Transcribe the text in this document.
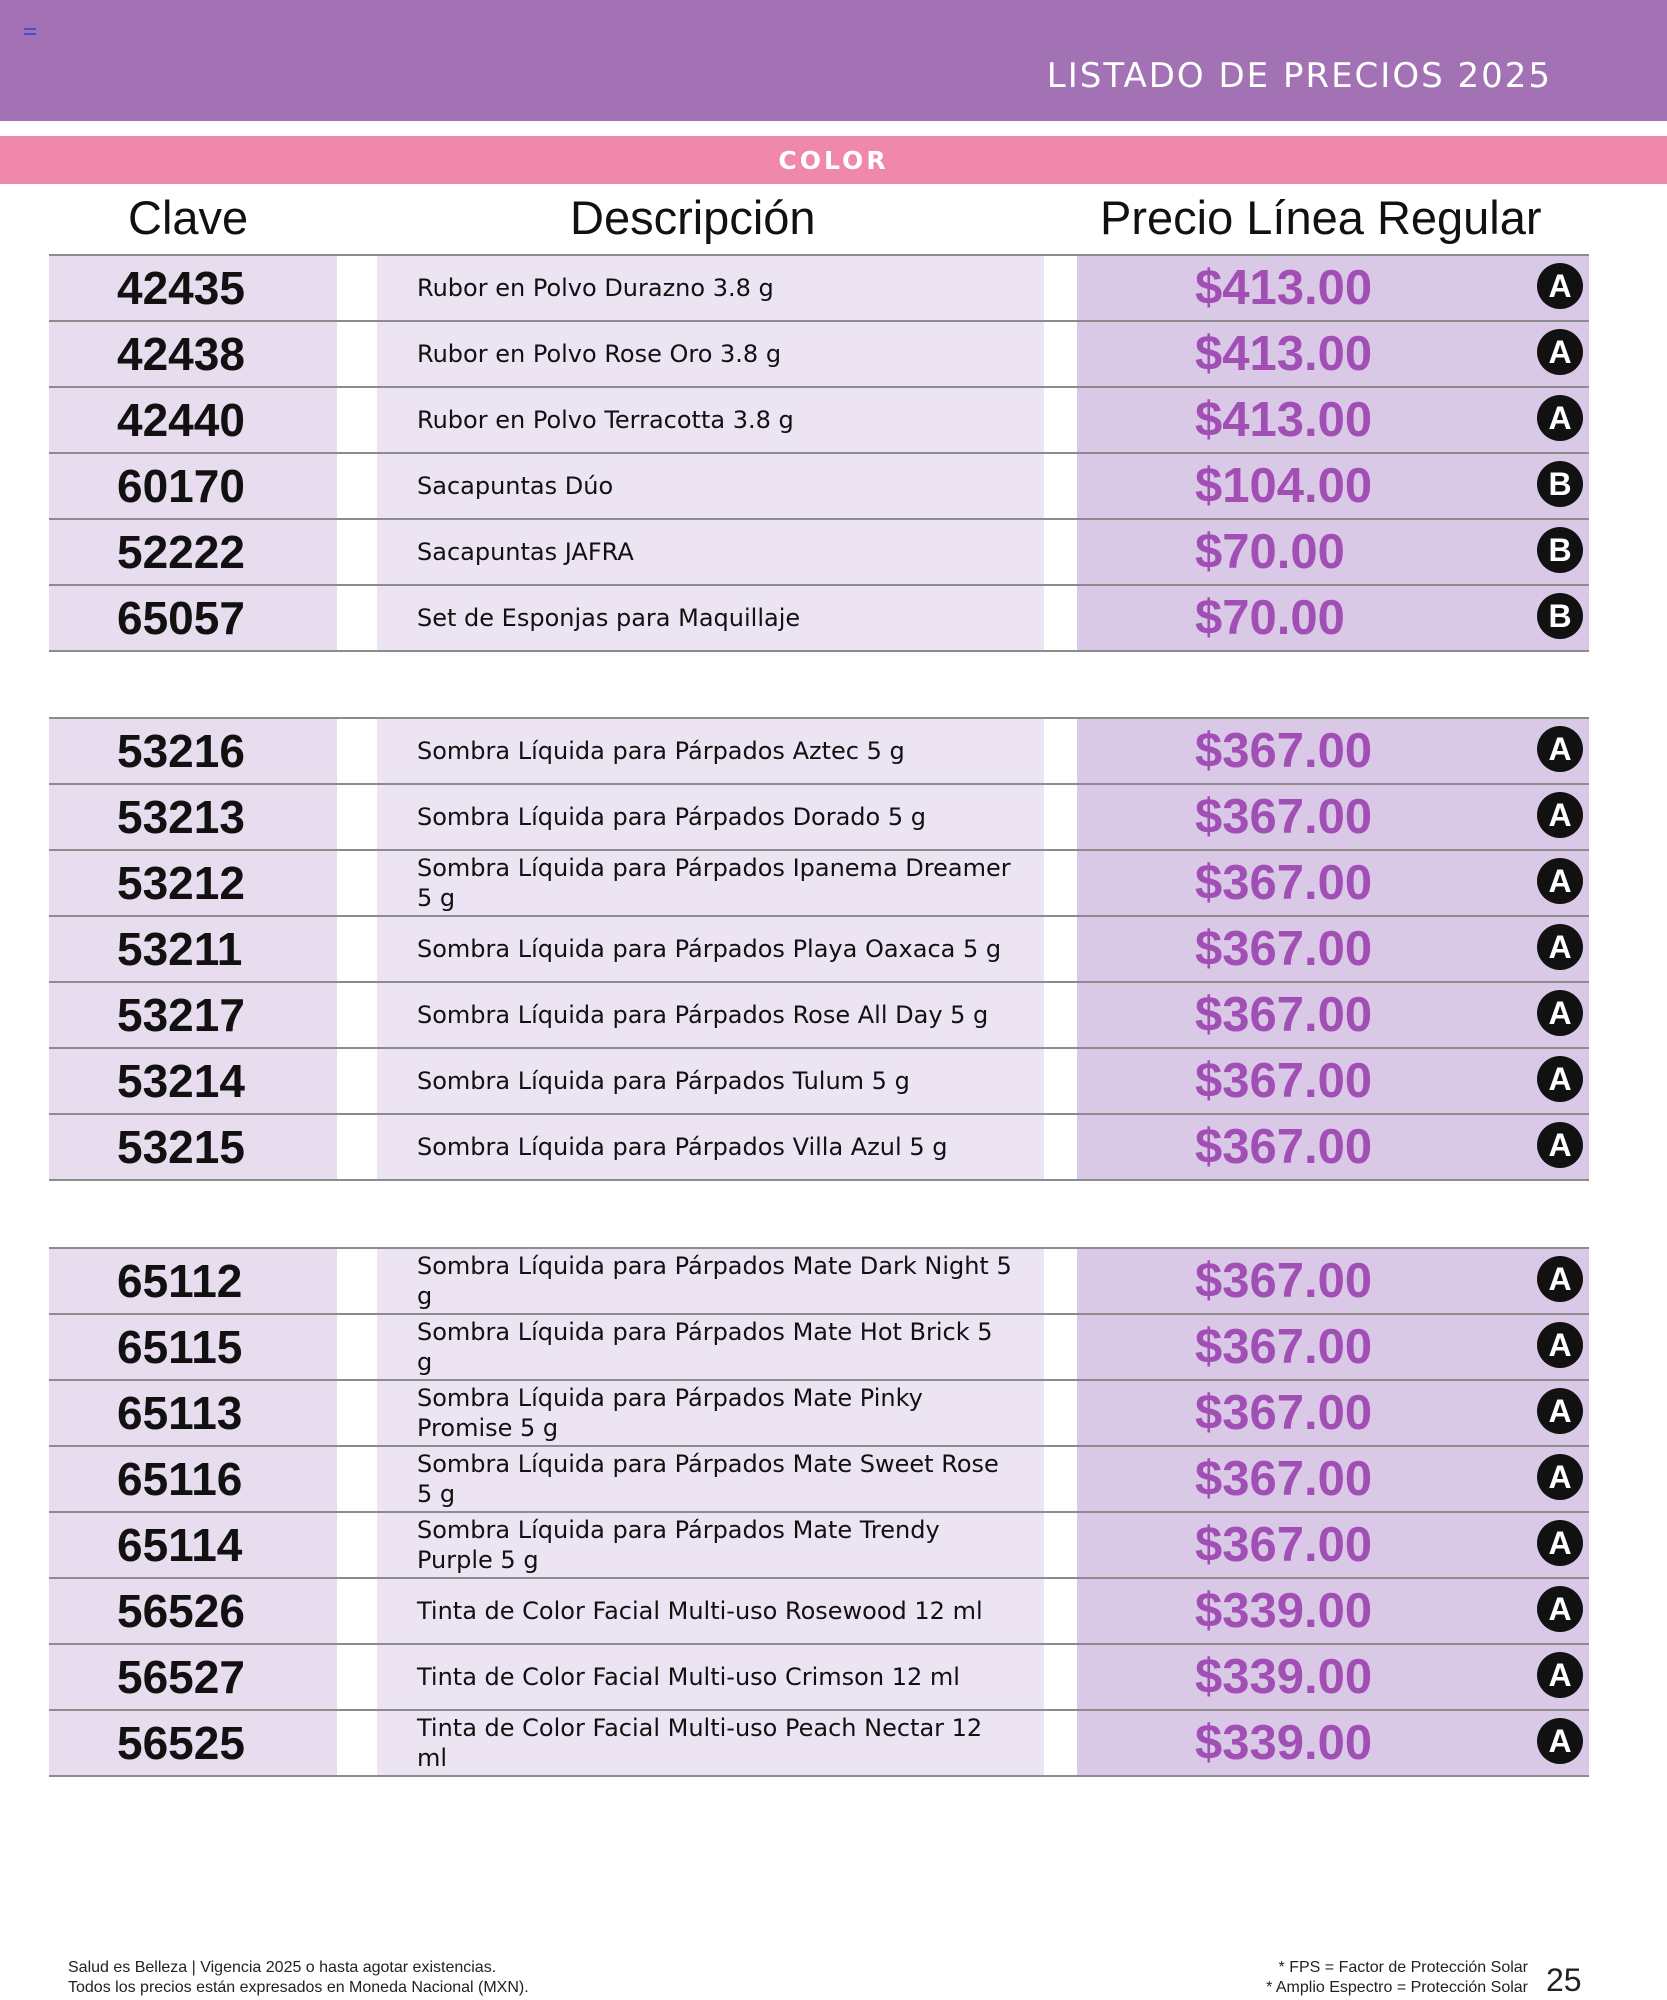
LISTADO DE PRECIOS 2025
COLOR
Clave	Descripción	Precio Línea Regular
42435	Rubor en Polvo Durazno 3.8 g	$413.00	A
42438	Rubor en Polvo Rose Oro 3.8 g	$413.00	A
42440	Rubor en Polvo Terracotta 3.8 g	$413.00	A
60170	Sacapuntas Dúo	$104.00	B
52222	Sacapuntas JAFRA	$70.00	B
65057	Set de Esponjas para Maquillaje	$70.00	B
53216	Sombra Líquida para Párpados Aztec 5 g	$367.00	A
53213	Sombra Líquida para Párpados Dorado 5 g	$367.00	A
53212	Sombra Líquida para Párpados Ipanema Dreamer 5 g	$367.00	A
53211	Sombra Líquida para Párpados Playa Oaxaca 5 g	$367.00	A
53217	Sombra Líquida para Párpados Rose All Day 5 g	$367.00	A
53214	Sombra Líquida para Párpados Tulum 5 g	$367.00	A
53215	Sombra Líquida para Párpados Villa Azul 5 g	$367.00	A
65112	Sombra Líquida para Párpados Mate Dark Night 5 g	$367.00	A
65115	Sombra Líquida para Párpados Mate Hot Brick 5 g	$367.00	A
65113	Sombra Líquida para Párpados Mate Pinky Promise 5 g	$367.00	A
65116	Sombra Líquida para Párpados Mate Sweet Rose 5 g	$367.00	A
65114	Sombra Líquida para Párpados Mate Trendy Purple 5 g	$367.00	A
56526	Tinta de Color Facial Multi-uso Rosewood 12 ml	$339.00	A
56527	Tinta de Color Facial Multi-uso Crimson 12 ml	$339.00	A
56525	Tinta de Color Facial Multi-uso Peach Nectar 12 ml	$339.00	A
Salud es Belleza | Vigencia 2025 o hasta agotar existencias.
Todos los precios están expresados en Moneda Nacional (MXN).
* FPS = Factor de Protección Solar
* Amplio Espectro = Protección Solar 25
